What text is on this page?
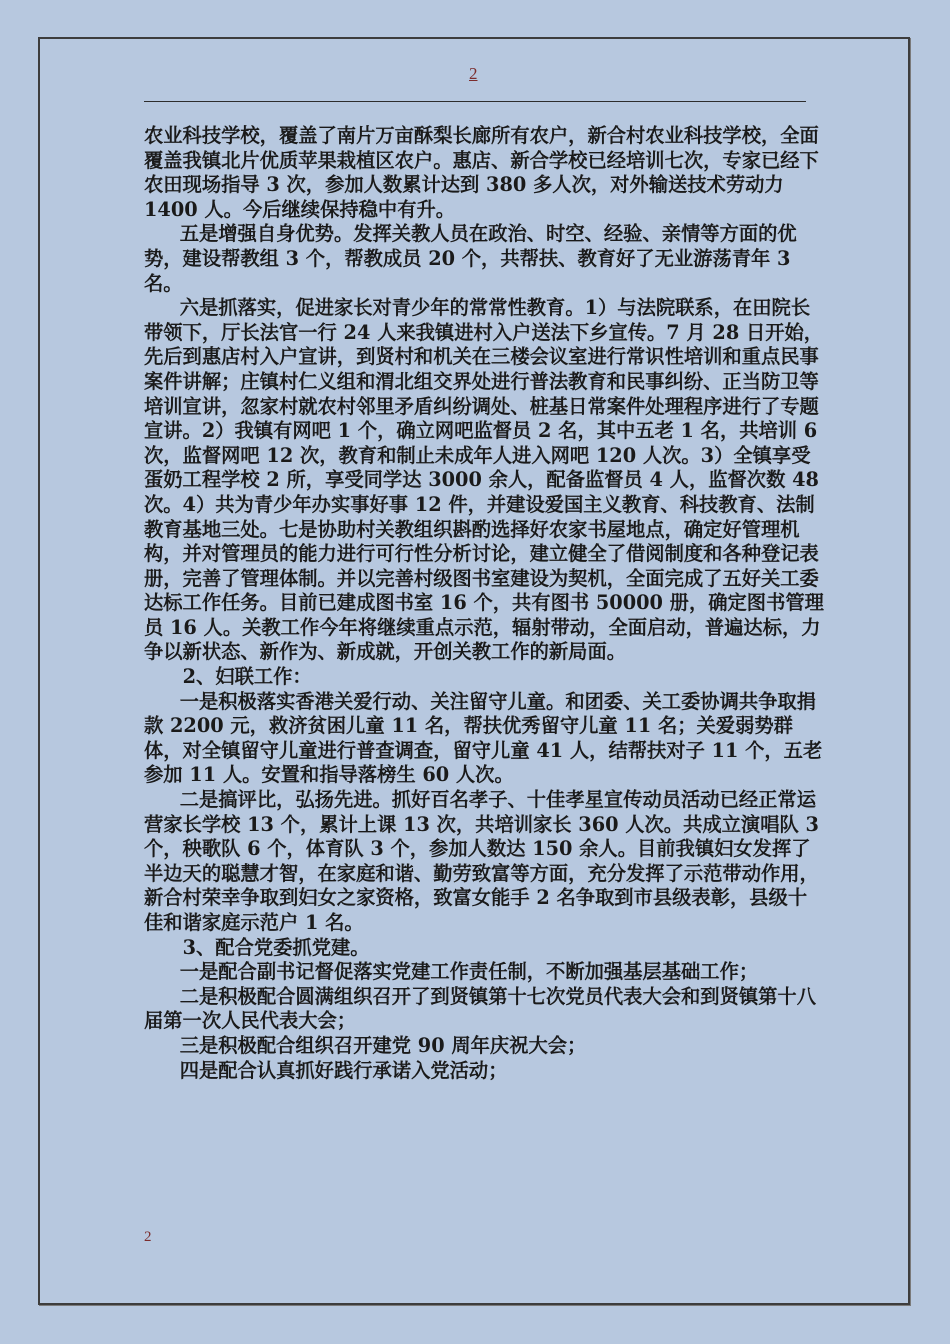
2

农业科技学校，覆盖了南片万亩酥梨长廊所有农户，新合村农业科技学校，全面覆盖我镇北片优质苹果栽植区农户。惠店、新合学校已经培训七次，专家已经下农田现场指导 3 次，参加人数累计达到 380 多人次，对外输送技术劳动力 1400 人。今后继续保持稳中有升。

五是增强自身优势。发挥关教人员在政治、时空、经验、亲情等方面的优势，建设帮教组 3 个，帮教成员 20 个，共帮扶、教育好了无业游荡青年 3 名。

六是抓落实，促进家长对青少年的常常性教育。1）与法院联系，在田院长带领下，厅长法官一行 24 人来我镇进村入户送法下乡宣传。7 月 28 日开始，先后到惠店村入户宣讲，到贤村和机关在三楼会议室进行常识性培训和重点民事案件讲解；庄镇村仁义组和渭北组交界处进行普法教育和民事纠纷、正当防卫等培训宣讲，忽家村就农村邻里矛盾纠纷调处、桩基日常案件处理程序进行了专题宣讲。2）我镇有网吧 1 个，确立网吧监督员 2 名，其中五老 1 名，共培训 6 次，监督网吧 12 次，教育和制止未成年人进入网吧 120 人次。3）全镇享受蛋奶工程学校 2 所，享受同学达 3000 余人，配备监督员 4 人，监督次数 48 次。4）共为青少年办实事好事 12 件，并建设爱国主义教育、科技教育、法制教育基地三处。七是协助村关教组织斟酌选择好农家书屋地点，确定好管理机构，并对管理员的能力进行可行性分析讨论，建立健全了借阅制度和各种登记表册，完善了管理体制。并以完善村级图书室建设为契机，全面完成了五好关工委达标工作任务。目前已建成图书室 16 个，共有图书 50000 册，确定图书管理员 16 人。关教工作今年将继续重点示范，辐射带动，全面启动，普遍达标，力争以新状态、新作为、新成就，开创关教工作的新局面。

2、妇联工作：

一是积极落实香港关爱行动、关注留守儿童。和团委、关工委协调共争取捐款 2200 元，救济贫困儿童 11 名，帮扶优秀留守儿童 11 名；关爱弱势群体，对全镇留守儿童进行普查调查，留守儿童 41 人，结帮扶对子 11 个，五老参加 11 人。安置和指导落榜生 60 人次。

二是搞评比，弘扬先进。抓好百名孝子、十佳孝星宣传动员活动已经正常运营家长学校 13 个，累计上课 13 次，共培训家长 360 人次。共成立演唱队 3 个，秧歌队 6 个，体育队 3 个，参加人数达 150 余人。目前我镇妇女发挥了半边天的聪慧才智，在家庭和谐、勤劳致富等方面，充分发挥了示范带动作用，新合村荣幸争取到妇女之家资格，致富女能手 2 名争取到市县级表彰，县级十佳和谐家庭示范户 1 名。

3、配合党委抓党建。

一是配合副书记督促落实党建工作责任制，不断加强基层基础工作；

二是积极配合圆满组织召开了到贤镇第十七次党员代表大会和到贤镇第十八届第一次人民代表大会；

三是积极配合组织召开建党 90 周年庆祝大会；

四是配合认真抓好践行承诺入党活动；

2
